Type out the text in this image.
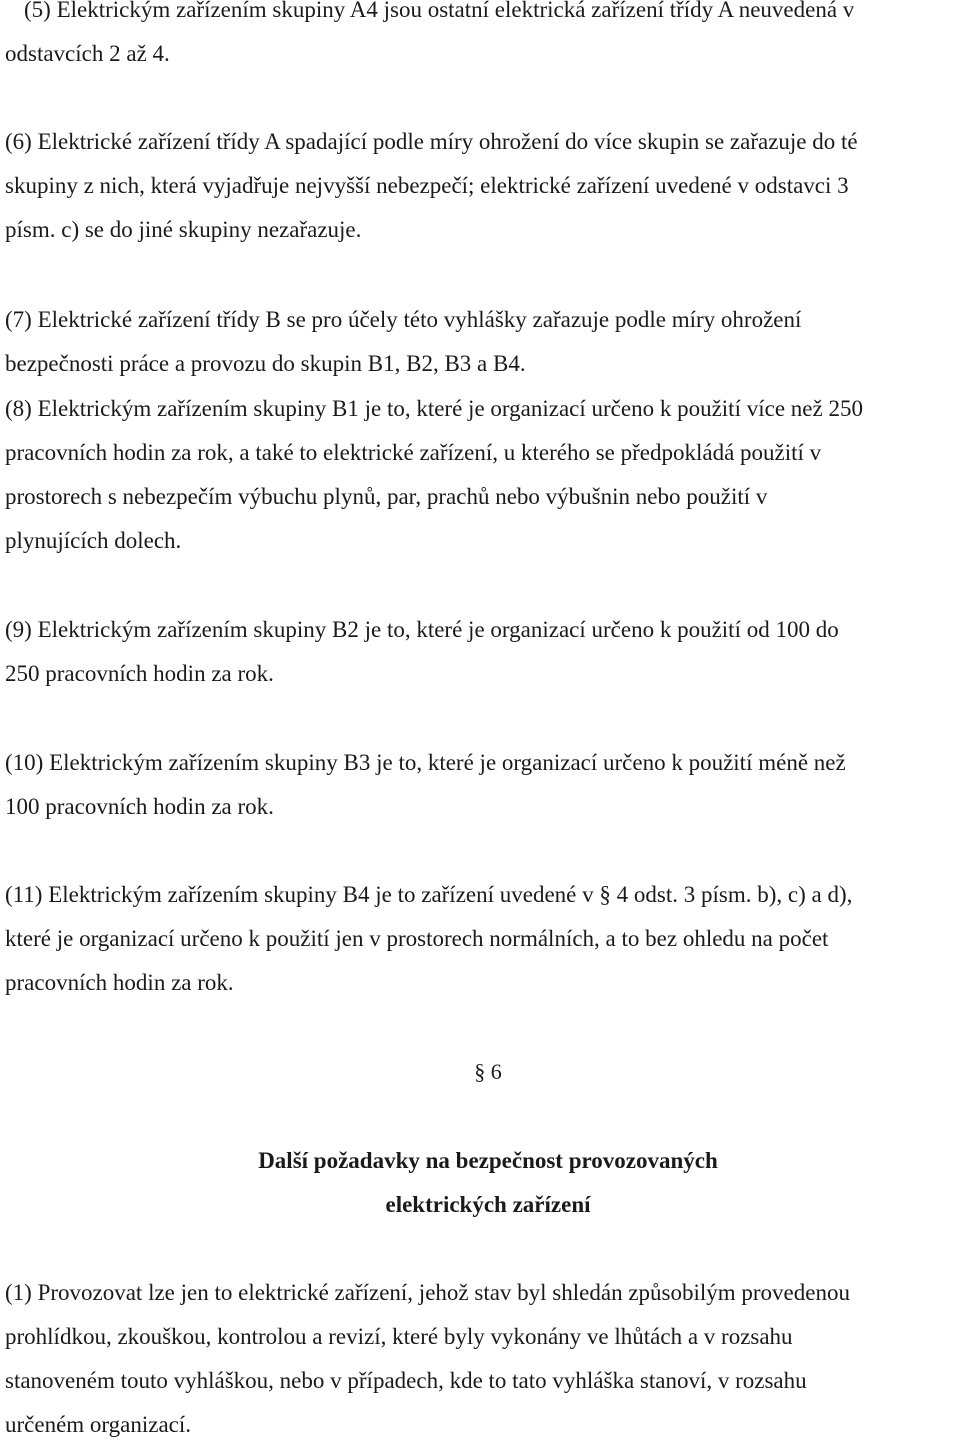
(5) Elektrickým zařízením skupiny A4 jsou ostatní elektrická zařízení třídy A neuvedená v
odstavcích 2 až 4.

(6) Elektrické zařízení třídy A spadající podle míry ohrožení do více skupin se zařazuje do té
skupiny z nich, která vyjadřuje nejvyšší nebezpečí; elektrické zařízení uvedené v odstavci 3
písm. c) se do jiné skupiny nezařazuje.

(7) Elektrické zařízení třídy B se pro účely této vyhlášky zařazuje podle míry ohrožení
bezpečnosti práce a provozu do skupin B1, B2, B3 a B4.

(8) Elektrickým zařízením skupiny B1 je to, které je organizací určeno k použití více než 250
pracovních hodin za rok, a také to elektrické zařízení, u kterého se předpokládá použití v
prostorech s nebezpečím výbuchu plynů, par, prachů nebo výbušnin nebo použití v
plynujících dolech.

(9) Elektrickým zařízením skupiny B2 je to, které je organizací určeno k použití od 100 do
250 pracovních hodin za rok.

(10) Elektrickým zařízením skupiny B3 je to, které je organizací určeno k použití méně než
100 pracovních hodin za rok.

(11) Elektrickým zařízením skupiny B4 je to zařízení uvedené v § 4 odst. 3 písm. b), c) a d),
které je organizací určeno k použití jen v prostorech normálních, a to bez ohledu na počet
pracovních hodin za rok.

§ 6

Další požadavky na bezpečnost provozovaných
elektrických zařízení

(1) Provozovat lze jen to elektrické zařízení, jehož stav byl shledán způsobilým provedenou
prohlídkou, zkouškou, kontrolou a revizí, které byly vykonány ve lhůtách a v rozsahu
stanoveném touto vyhláškou, nebo v případech, kde to tato vyhláška stanoví, v rozsahu
určeném organizací.
